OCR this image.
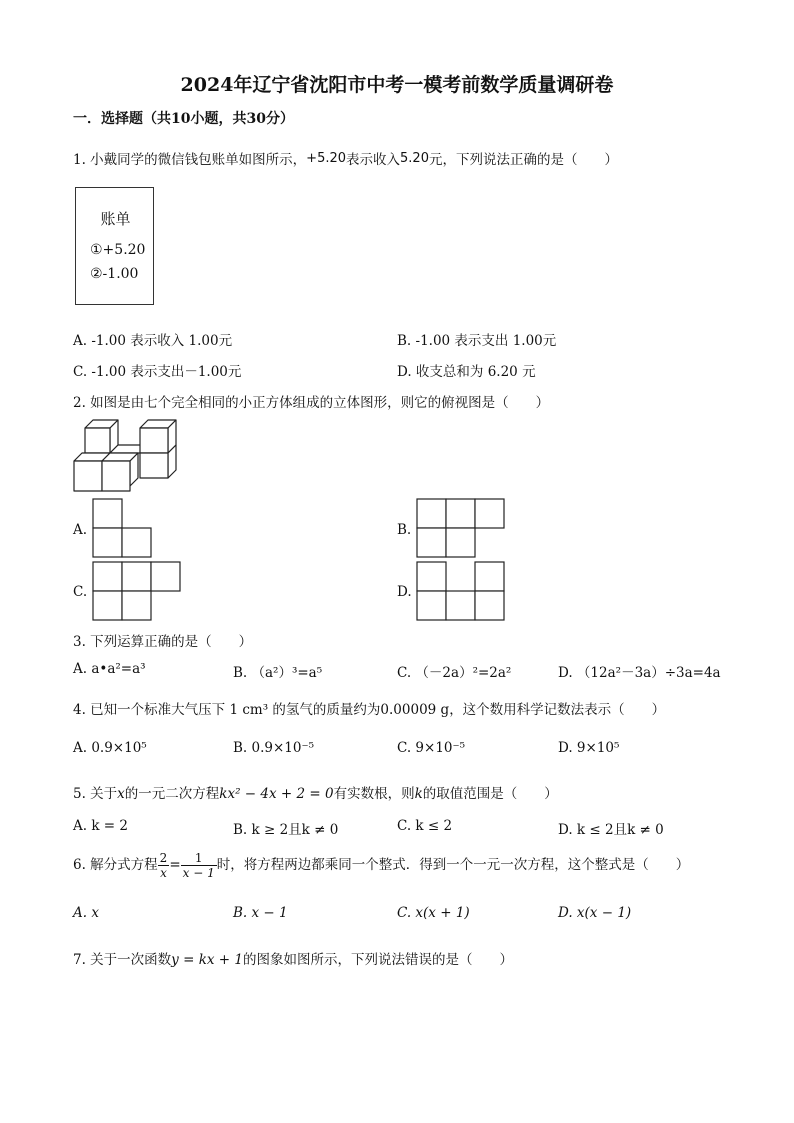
2024年辽宁省沈阳市中考一模考前数学质量调研卷
一．选择题（共10小题，共30分）
1. 小戴同学的微信钱包账单如图所示，+5.20表示收入5.20元，下列说法正确的是（　　）
账单
①+5.20
②-1.00
A. -1.00 表示收入 1.00元	B. -1.00 表示支出 1.00元
C. -1.00 表示支出－1.00元	D. 收支总和为 6.20 元
2. 如图是由七个完全相同的小正方体组成的立体图形，则它的俯视图是（　　）
A.	B.
C.	D.
3. 下列运算正确的是（　　）
A. a•a²=a³	B. （a²）³=a⁵	C. （－2a）²=2a²	D. （12a²－3a）÷3a=4a
4. 已知一个标准大气压下 1 cm³ 的氢气的质量约为0.00009 g，这个数用科学记数法表示（　　）
A. 0.9×10⁵	B. 0.9×10⁻⁵	C. 9×10⁻⁵	D. 9×10⁵
5. 关于x的一元二次方程kx² − 4x + 2 = 0有实数根，则k的取值范围是（　　）
A. k = 2	B. k ≥ 2且k ≠ 0	C. k ≤ 2	D. k ≤ 2且k ≠ 0
6. 解分式方程 $\frac{2}{x} = \frac{1}{x - 1}$ 时，将方程两边都乘同一个整式．得到一个一元一次方程，这个整式是（　　）
A. x	B. x − 1	C. x(x + 1)	D. x(x − 1)
7. 关于一次函数y = kx + 1的图象如图所示，下列说法错误的是（　　）
